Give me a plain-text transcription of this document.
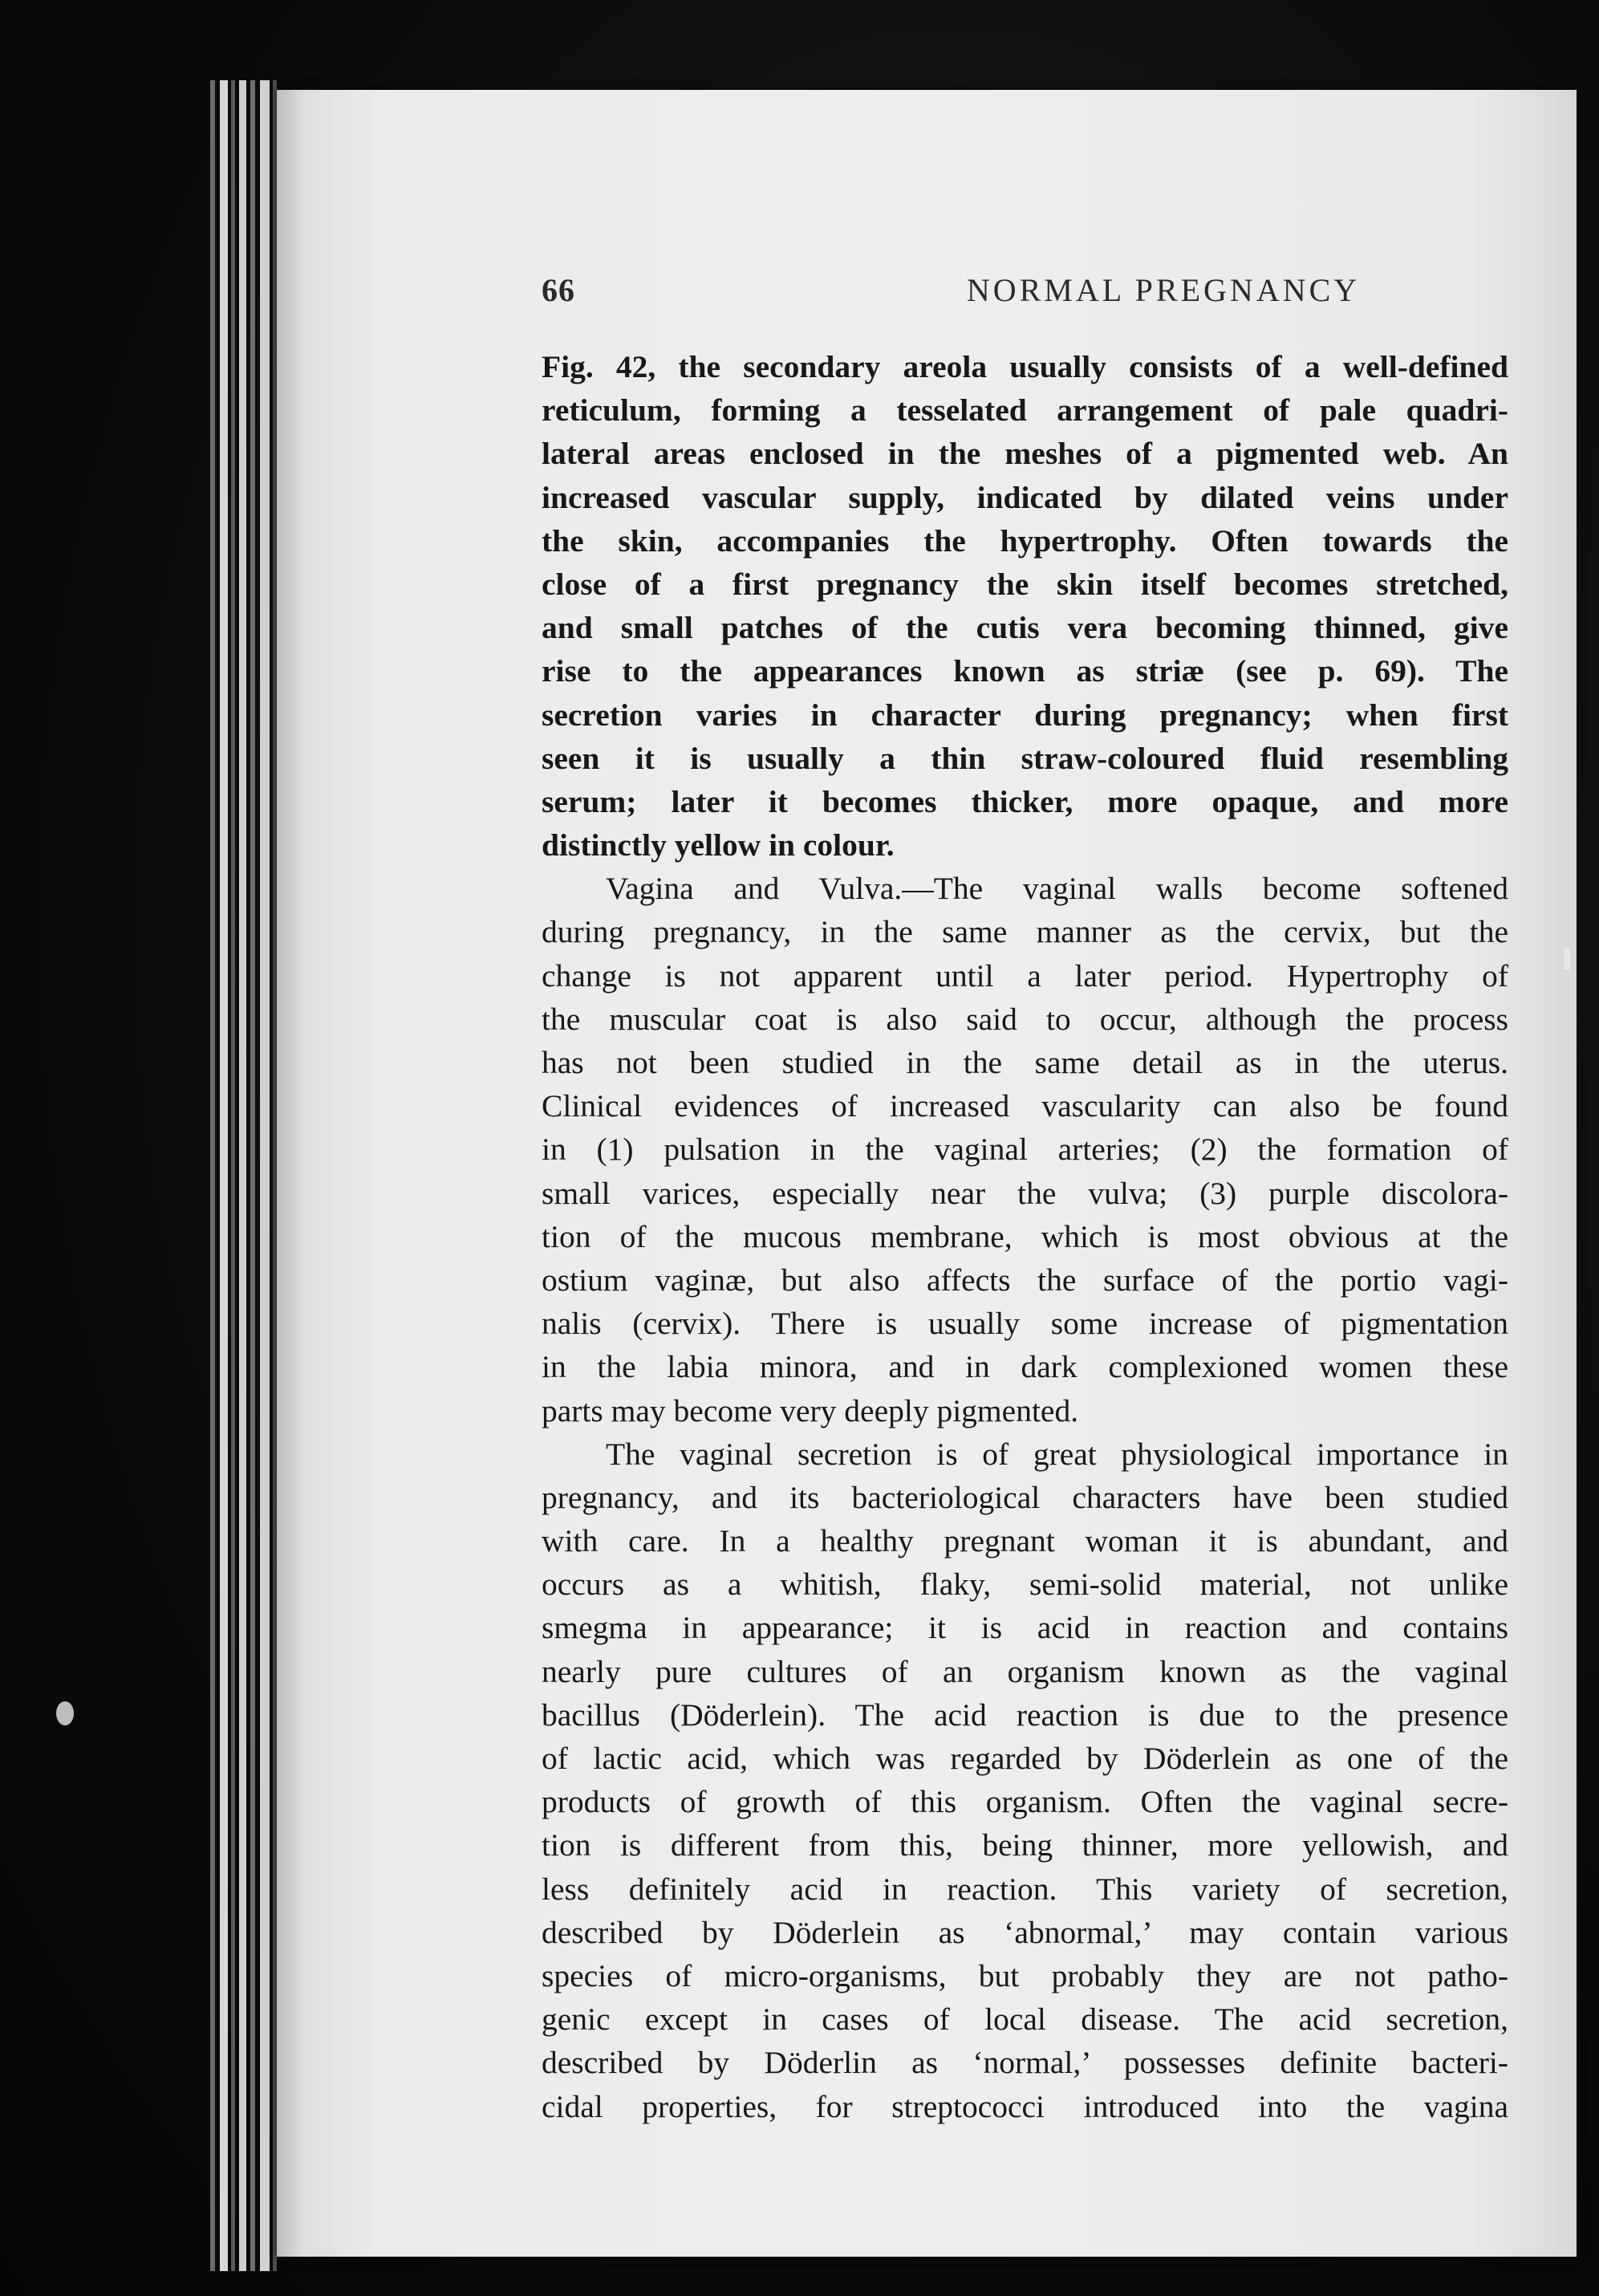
66	NORMAL PREGNANCY
Fig. 42, the secondary areola usually consists of a well-defined
reticulum, forming a tesselated arrangement of pale quadri-
lateral areas enclosed in the meshes of a pigmented web. An
increased vascular supply, indicated by dilated veins under
the skin, accompanies the hypertrophy. Often towards the
close of a first pregnancy the skin itself becomes stretched,
and small patches of the cutis vera becoming thinned, give
rise to the appearances known as striæ (see p. 69). The
secretion varies in character during pregnancy; when first
seen it is usually a thin straw-coloured fluid resembling
serum; later it becomes thicker, more opaque, and more
distinctly yellow in colour.
Vagina and Vulva.—The vaginal walls become softened
during pregnancy, in the same manner as the cervix, but the
change is not apparent until a later period. Hypertrophy of
the muscular coat is also said to occur, although the process
has not been studied in the same detail as in the uterus.
Clinical evidences of increased vascularity can also be found
in (1) pulsation in the vaginal arteries; (2) the formation of
small varices, especially near the vulva; (3) purple discolora-
tion of the mucous membrane, which is most obvious at the
ostium vaginæ, but also affects the surface of the portio vagi-
nalis (cervix). There is usually some increase of pigmentation
in the labia minora, and in dark complexioned women these
parts may become very deeply pigmented.
The vaginal secretion is of great physiological importance in
pregnancy, and its bacteriological characters have been studied
with care. In a healthy pregnant woman it is abundant, and
occurs as a whitish, flaky, semi-solid material, not unlike
smegma in appearance; it is acid in reaction and contains
nearly pure cultures of an organism known as the vaginal
bacillus (Döderlein). The acid reaction is due to the presence
of lactic acid, which was regarded by Döderlein as one of the
products of growth of this organism. Often the vaginal secre-
tion is different from this, being thinner, more yellowish, and
less definitely acid in reaction. This variety of secretion,
described by Döderlein as ‘abnormal,’ may contain various
species of micro-organisms, but probably they are not patho-
genic except in cases of local disease. The acid secretion,
described by Döderlin as ‘normal,’ possesses definite bacteri-
cidal properties, for streptococci introduced into the vagina
